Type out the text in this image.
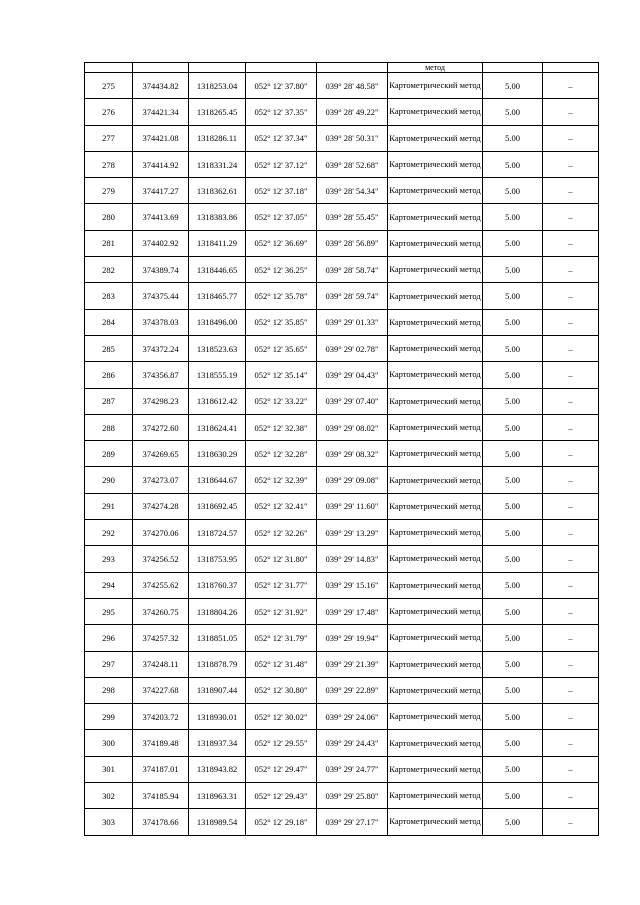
					метод		
275	374434.82	1318253.04	052° 12' 37.80"	039° 28' 48.58"	Картометрический метод	5.00	–
276	374421.34	1318265.45	052° 12' 37.35"	039° 28' 49.22"	Картометрический метод	5.00	–
277	374421.08	1318286.11	052° 12' 37.34"	039° 28' 50.31"	Картометрический метод	5.00	–
278	374414.92	1318331.24	052° 12' 37.12"	039° 28' 52.68"	Картометрический метод	5.00	–
279	374417.27	1318362.61	052° 12' 37.18"	039° 28' 54.34"	Картометрический метод	5.00	–
280	374413.69	1318383.86	052° 12' 37.05"	039° 28' 55.45"	Картометрический метод	5.00	–
281	374402.92	1318411.29	052° 12' 36.69"	039° 28' 56.89"	Картометрический метод	5.00	–
282	374389.74	1318446.65	052° 12' 36.25"	039° 28' 58.74"	Картометрический метод	5.00	–
283	374375.44	1318465.77	052° 12' 35.78"	039° 28' 59.74"	Картометрический метод	5.00	–
284	374378.03	1318496.00	052° 12' 35.85"	039° 29' 01.33"	Картометрический метод	5.00	–
285	374372.24	1318523.63	052° 12' 35.65"	039° 29' 02.78"	Картометрический метод	5.00	–
286	374356.87	1318555.19	052° 12' 35.14"	039° 29' 04.43"	Картометрический метод	5.00	–
287	374298.23	1318612.42	052° 12' 33.22"	039° 29' 07.40"	Картометрический метод	5.00	–
288	374272.60	1318624.41	052° 12' 32.38"	039° 29' 08.02"	Картометрический метод	5.00	–
289	374269.65	1318630.29	052° 12' 32.28"	039° 29' 08.32"	Картометрический метод	5.00	–
290	374273.07	1318644.67	052° 12' 32.39"	039° 29' 09.08"	Картометрический метод	5.00	–
291	374274.28	1318692.45	052° 12' 32.41"	039° 29' 11.60"	Картометрический метод	5.00	–
292	374270.06	1318724.57	052° 12' 32.26"	039° 29' 13.29"	Картометрический метод	5.00	–
293	374256.52	1318753.95	052° 12' 31.80"	039° 29' 14.83"	Картометрический метод	5.00	–
294	374255.62	1318760.37	052° 12' 31.77"	039° 29' 15.16"	Картометрический метод	5.00	–
295	374260.75	1318804.26	052° 12' 31.92"	039° 29' 17.48"	Картометрический метод	5.00	–
296	374257.32	1318851.05	052° 12' 31.79"	039° 29' 19.94"	Картометрический метод	5.00	–
297	374248.11	1318878.79	052° 12' 31.48"	039° 29' 21.39"	Картометрический метод	5.00	–
298	374227.68	1318907.44	052° 12' 30.80"	039° 29' 22.89"	Картометрический метод	5.00	–
299	374203.72	1318930.01	052° 12' 30.02"	039° 29' 24.06"	Картометрический метод	5.00	–
300	374189.48	1318937.34	052° 12' 29.55"	039° 29' 24.43"	Картометрический метод	5.00	–
301	374187.01	1318943.82	052° 12' 29.47"	039° 29' 24.77"	Картометрический метод	5.00	–
302	374185.94	1318963.31	052° 12' 29.43"	039° 29' 25.80"	Картометрический метод	5.00	–
303	374178.66	1318989.54	052° 12' 29.18"	039° 29' 27.17"	Картометрический метод	5.00	–
